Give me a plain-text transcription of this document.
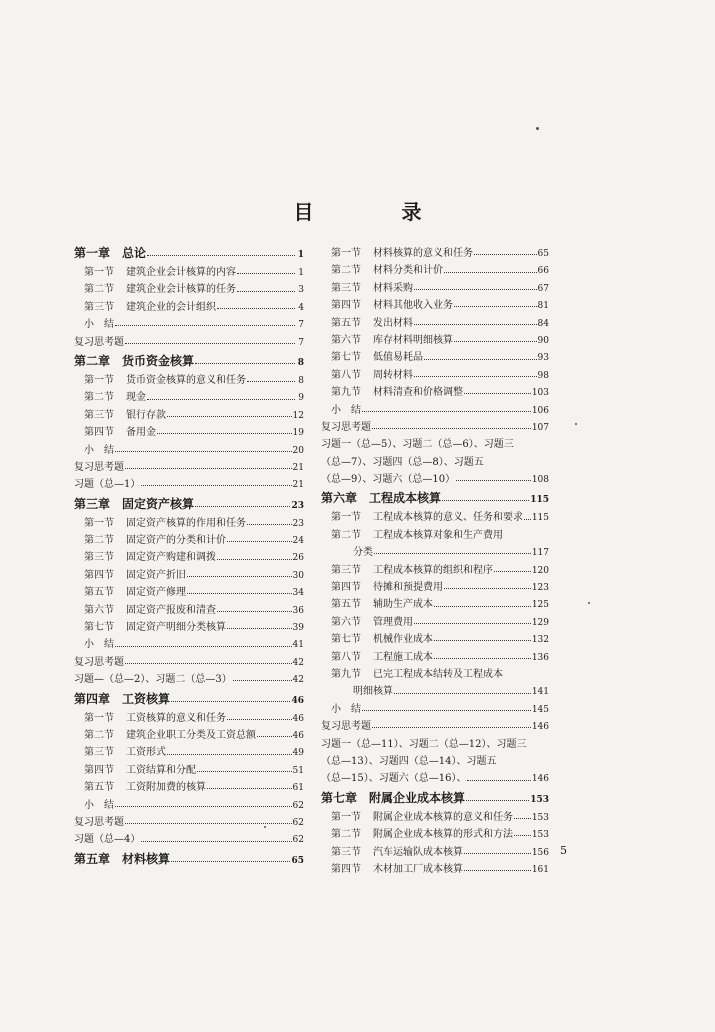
目　录
第一章 总论	1
第一节 建筑企业会计核算的内容	1
第二节 建筑企业会计核算的任务	3
第三节 建筑企业的会计组织	4
小　结	7
复习思考题	7
第二章 货币资金核算	8
第一节 货币资金核算的意义和任务	8
第二节 现金	9
第三节 银行存款	12
第四节 备用金	19
小　结	20
复习思考题	21
习题（总—1）	21
第三章 固定资产核算	23
第一节 固定资产核算的作用和任务	23
第二节 固定资产的分类和计价	24
第三节 固定资产购建和调拨	26
第四节 固定资产折旧	30
第五节 固定资产修理	34
第六节 固定资产报废和清查	36
第七节 固定资产明细分类核算	39
小　结	41
复习思考题	42
习题—（总—2）、习题二（总—3）	42
第四章 工资核算	46
第一节 工资核算的意义和任务	46
第二节 建筑企业职工分类及工资总额	46
第三节 工资形式	49
第四节 工资结算和分配	51
第五节 工资附加费的核算	61
小　结	62
复习思考题	62
习题（总—4）	62
第五章 材料核算	65
第一节 材料核算的意义和任务	65
第二节 材料分类和计价	66
第三节 材料采购	67
第四节 材料其他收入业务	81
第五节 发出材料	84
第六节 库存材料明细核算	90
第七节 低值易耗品	93
第八节 周转材料	98
第九节 材料清查和价格调整	103
小　结	106
复习思考题	107
习题一（总—5）、习题二（总—6）、习题三
（总—7）、习题四（总—8）、习题五
（总—9）、习题六（总—10）	108
第六章 工程成本核算	115
第一节 工程成本核算的意义、任务和要求 115
第二节 工程成本核算对象和生产费用
分类	117
第三节 工程成本核算的组织和程序	120
第四节 待摊和预提费用	123
第五节 辅助生产成本	125
第六节 管理费用	129
第七节 机械作业成本	132
第八节 工程施工成本	136
第九节 已完工程成本结转及工程成本
明细核算	141
小　结	145
复习思考题	146
习题一（总—11）、习题二（总—12）、习题三
（总—13）、习题四（总—14）、习题五
（总—15）、习题六（总—16）、	146
第七章 附属企业成本核算	153
第一节 附属企业成本核算的意义和任务 153
第二节 附属企业成本核算的形式和方法 153
第三节 汽车运输队成本核算	156
第四节 木材加工厂成本核算	161
5
